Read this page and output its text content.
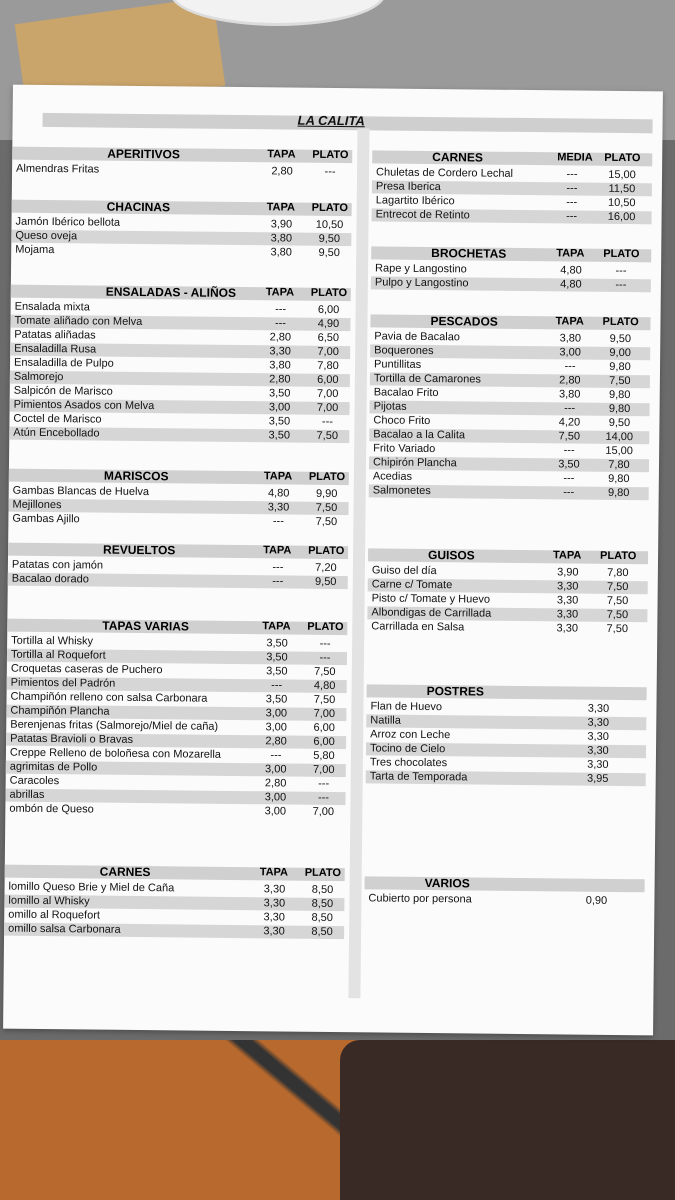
LA CALITA
APERITIVOS	TAPA PLATO
Almendras Fritas	2,80	---
CHACINAS	TAPA PLATO
Jamón Ibérico bellota	3,90	10,50
Queso oveja	3,80	9,50
Mojama	3,80	9,50
ENSALADAS - ALIÑOS	TAPA PLATO
Ensalada mixta	---	6,00
Tomate aliñado con Melva	---	4,90
Patatas aliñadas	2,80	6,50
Ensaladilla Rusa	3,30	7,00
Ensaladilla de Pulpo	3,80	7,80
Salmorejo	2,80	6,00
Salpicón de Marisco	3,50	7,00
Pimientos Asados con Melva	3,00	7,00
Coctel de Marisco	3,50	---
Atún Encebollado	3,50	7,50
MARISCOS	TAPA PLATO
Gambas Blancas de Huelva	4,80	9,90
Mejillones	3,30	7,50
Gambas Ajillo	---	7,50
REVUELTOS	TAPA PLATO
Patatas con jamón	---	7,20
Bacalao dorado	---	9,50
TAPAS VARIAS	TAPA PLATO
Tortilla al Whisky	3,50	---
Tortilla al Roquefort	3,50	---
Croquetas caseras de Puchero	3,50	7,50
Pimientos del Padrón	---	4,80
Champiñón relleno con salsa Carbonara	3,50	7,50
Champiñón Plancha	3,00	7,00
Berenjenas fritas (Salmorejo/Miel de caña)	3,00	6,00
Patatas Bravioli o Bravas	2,80	6,00
Creppe Relleno de boloñesa con Mozarella	---	5,80
agrimitas de Pollo	3,00	7,00
Caracoles	2,80	---
abrillas	3,00	---
ombón de Queso	3,00	7,00
CARNES	TAPA PLATO
lomillo Queso Brie y Miel de Caña	3,30	8,50
lomillo al Whisky	3,30	8,50
omillo al Roquefort	3,30	8,50
omillo salsa Carbonara	3,30	8,50
CARNES	MEDIA PLATO
Chuletas de Cordero Lechal	---	15,00
Presa Iberica	---	11,50
Lagartito Ibérico	---	10,50
Entrecot de Retinto	---	16,00
BROCHETAS	TAPA PLATO
Rape y Langostino	4,80	---
Pulpo y Langostino	4,80	---
PESCADOS	TAPA PLATO
Pavia de Bacalao	3,80	9,50
Boquerones	3,00	9,00
Puntillitas	---	9,80
Tortilla de Camarones	2,80	7,50
Bacalao Frito	3,80	9,80
Pijotas	---	9,80
Choco Frito	4,20	9,50
Bacalao a la Calita	7,50	14,00
Frito Variado	---	15,00
Chipirón Plancha	3,50	7,80
Acedias	---	9,80
Salmonetes	---	9,80
GUISOS	TAPA PLATO
Guiso del día	3,90	7,80
Carne c/ Tomate	3,30	7,50
Pisto c/ Tomate y Huevo	3,30	7,50
Albondigas de Carrillada	3,30	7,50
Carrillada en Salsa	3,30	7,50
POSTRES
Flan de Huevo	3,30
Natilla	3,30
Arroz con Leche	3,30
Tocino de Cielo	3,30
Tres chocolates	3,30
Tarta de Temporada	3,95
VARIOS
Cubierto por persona	0,90
